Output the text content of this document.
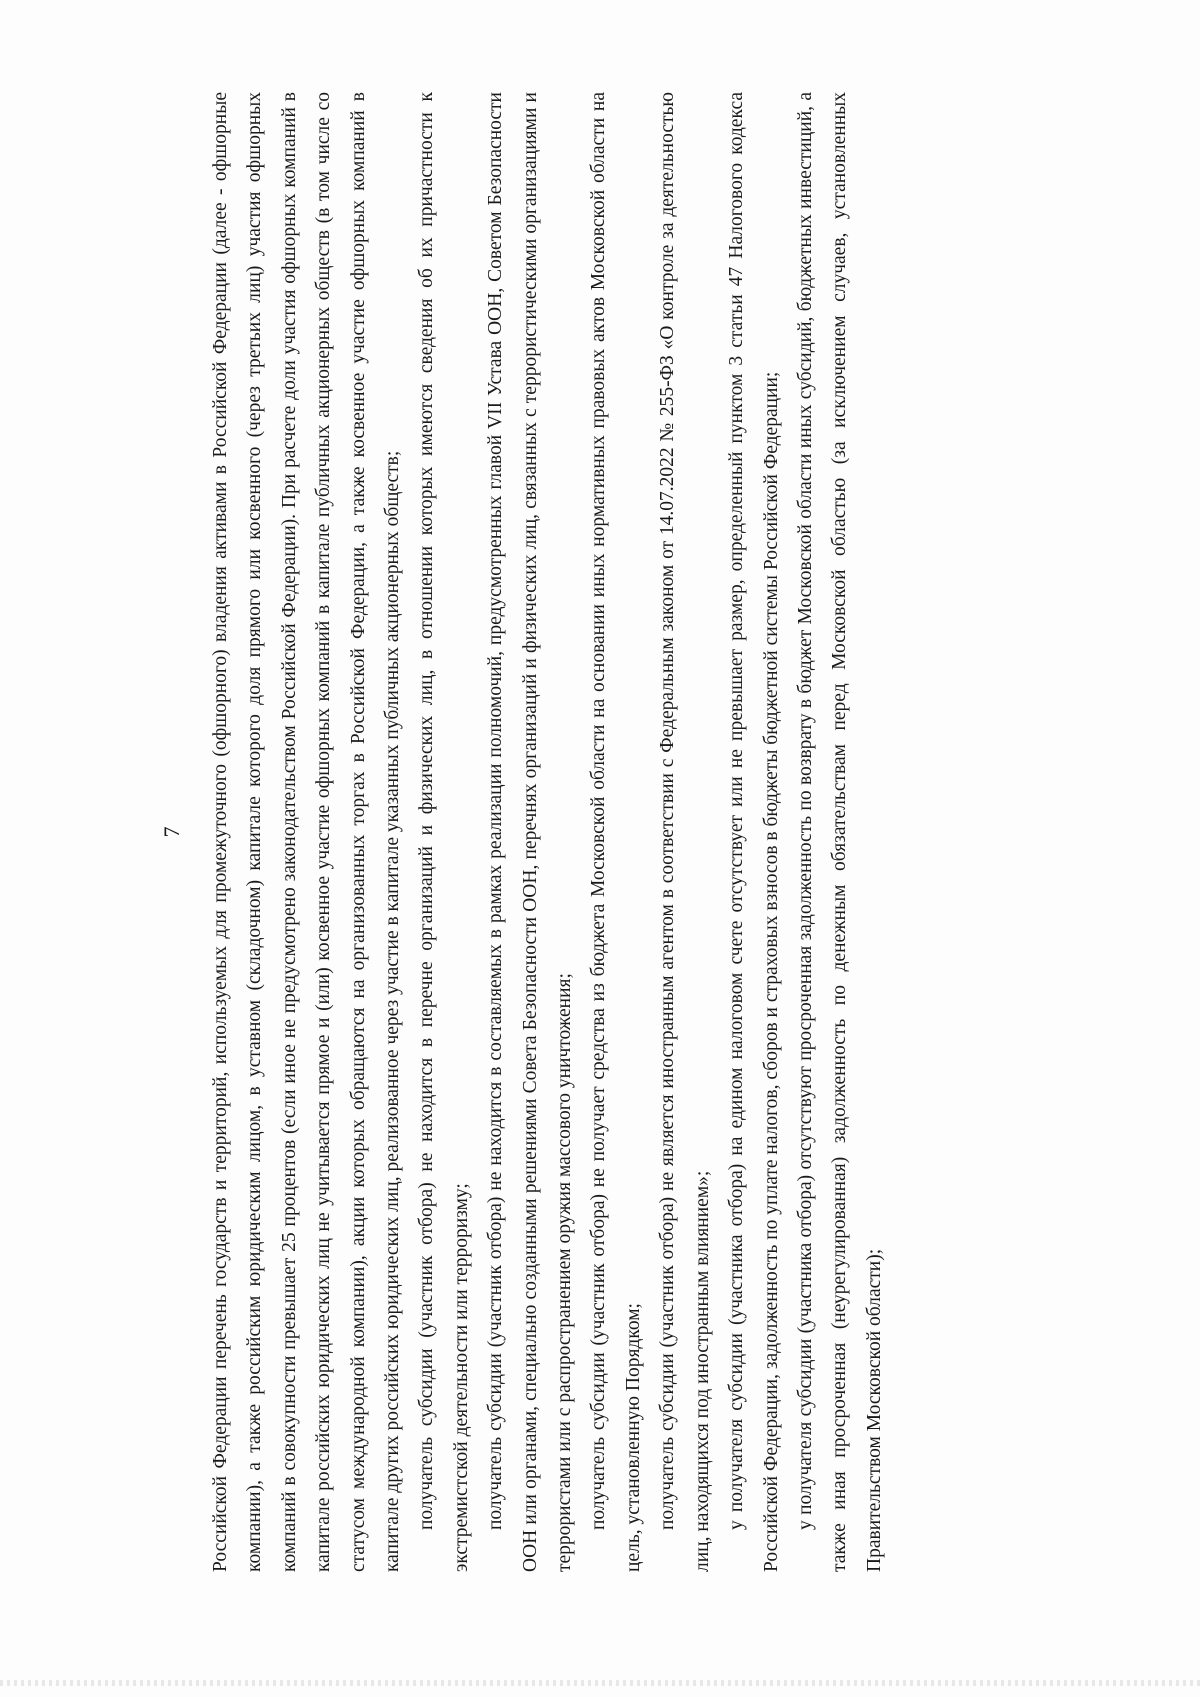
7	Российской Федерации перечень государств и территорий, используемых для промежуточного (офшорного) владения активами в Российской Федерации (далее - офшорные компании), а также российским юридическим лицом, в уставном (складочном) капитале которого доля прямого или косвенного (через третьих лиц) участия офшорных компаний в совокупности превышает 25 процентов (если иное не предусмотрено законодательством Российской Федерации). При расчете доли участия офшорных компаний в капитале российских юридических лиц не учитывается прямое и (или) косвенное участие офшорных компаний в капитале публичных акционерных обществ (в том числе со статусом международной компании), акции которых обращаются на организованных торгах в Российской Федерации, а также косвенное участие офшорных компаний в капитале других российских юридических лиц, реализованное через участие в капитале указанных публичных акционерных обществ; получатель субсидии (участник отбора) не находится в перечне организаций и физических лиц, в отношении которых имеются сведения об их причастности к экстремистской деятельности или терроризму; получатель субсидии (участник отбора) не находится в составляемых в рамках реализации полномочий, предусмотренных главой VII Устава ООН, Советом Безопасности ООН или органами, специально созданными решениями Совета Безопасности ООН, перечнях организаций и физических лиц, связанных с террористическими организациями и террористами или с распространением оружия массового уничтожения; получатель субсидии (участник отбора) не получает средства из бюджета Московской области на основании иных нормативных правовых актов Московской области на цель, установленную Порядком; получатель субсидии (участник отбора) не является иностранным агентом в соответствии с Федеральным законом от 14.07.2022 № 255-ФЗ «О контроле за деятельностью лиц, находящихся под иностранным влиянием»; у получателя субсидии (участника отбора) на едином налоговом счете отсутствует или не превышает размер, определенный пунктом 3 статьи 47 Налогового кодекса Российской Федерации, задолженность по уплате налогов, сборов и страховых взносов в бюджеты бюджетной системы Российской Федерации; у получателя субсидии (участника отбора) отсутствуют просроченная задолженность по возврату в бюджет Московской области иных субсидий, бюджетных инвестиций, а также иная просроченная (неурегулированная) задолженность по денежным обязательствам перед Московской областью (за исключением случаев, установленных Правительством Московской области);
